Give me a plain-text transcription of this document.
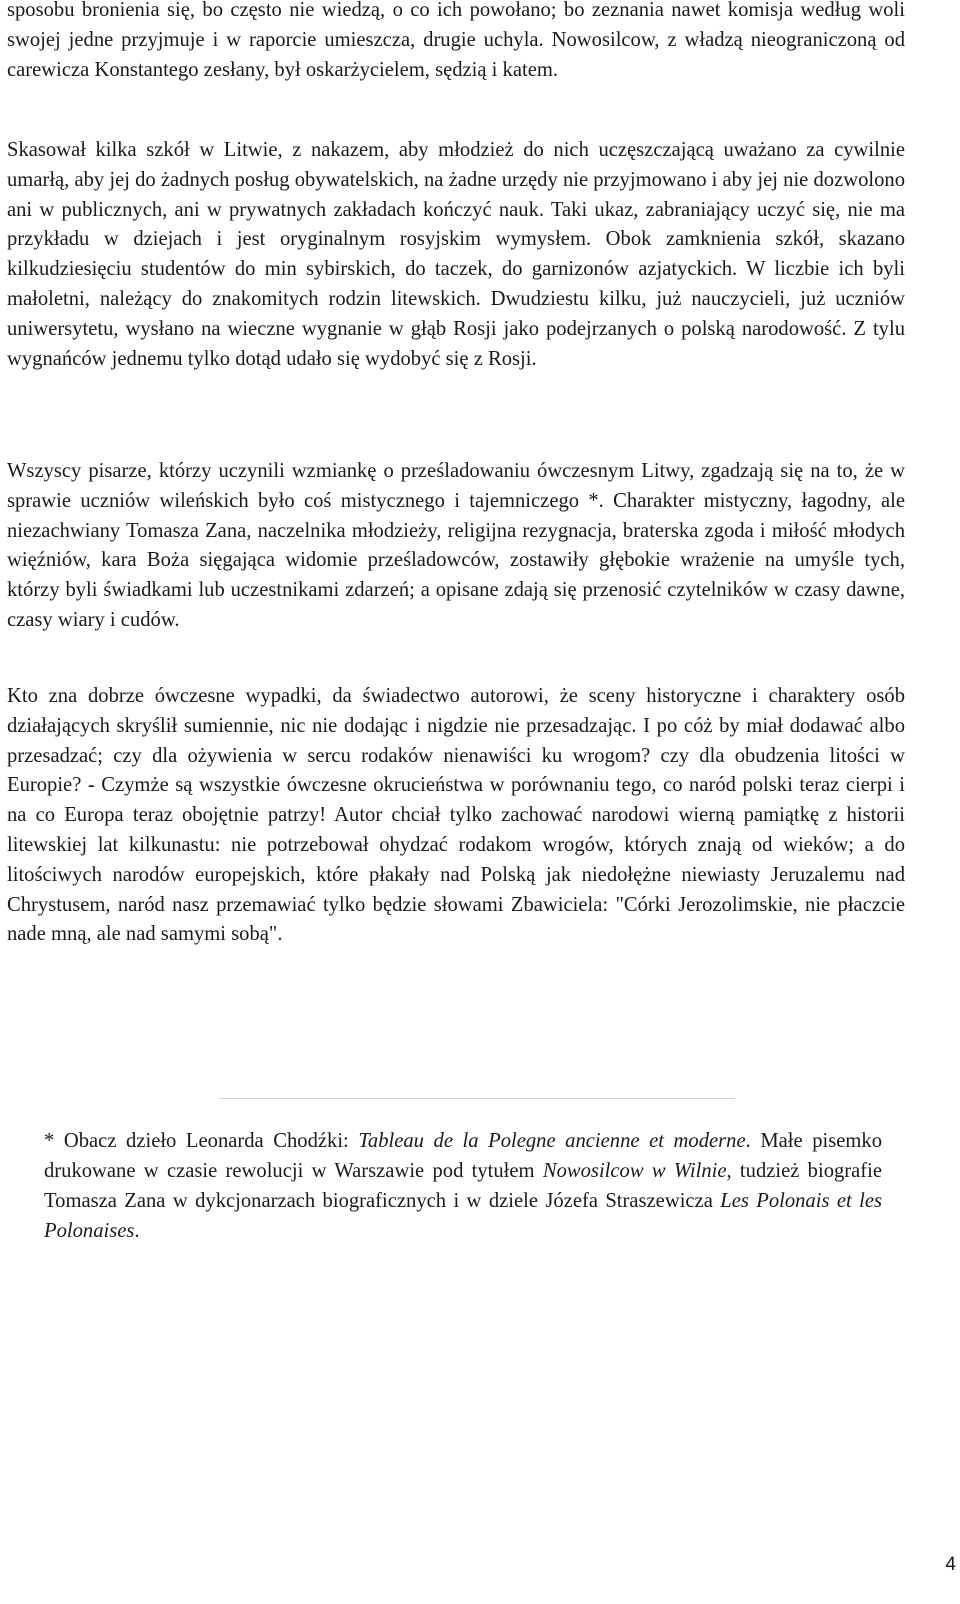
sposobu bronienia się, bo często nie wiedzą, o co ich powołano; bo zeznania nawet komisja według woli swojej jedne przyjmuje i w raporcie umieszcza, drugie uchyla. Nowosilcow, z władzą nieograniczoną od carewicza Konstantego zesłany, był oskarżycielem, sędzią i katem.

Skasował kilka szkół w Litwie, z nakazem, aby młodzież do nich uczęszczającą uważano za cywilnie umarłą, aby jej do żadnych posług obywatelskich, na żadne urzędy nie przyjmowano i aby jej nie dozwolono ani w publicznych, ani w prywatnych zakładach kończyć nauk. Taki ukaz, zabraniający uczyć się, nie ma przykładu w dziejach i jest oryginalnym rosyjskim wymysłem. Obok zamknienia szkół, skazano kilkudziesięciu studentów do min sybirskich, do taczek, do garnizonów azjatyckich. W liczbie ich byli małoletni, należący do znakomitych rodzin litewskich. Dwudziestu kilku, już nauczycieli, już uczniów uniwersytetu, wysłano na wieczne wygnanie w głąb Rosji jako podejrzanych o polską narodowość. Z tylu wygnańców jednemu tylko dotąd udało się wydobyć się z Rosji.

Wszyscy pisarze, którzy uczynili wzmiankę o prześladowaniu ówczesnym Litwy, zgadzają się na to, że w sprawie uczniów wileńskich było coś mistycznego i tajemniczego *. Charakter mistyczny, łagodny, ale niezachwiany Tomasza Zana, naczelnika młodzieży, religijna rezygnacja, braterska zgoda i miłość młodych więźniów, kara Boża sięgająca widomie prześladowców, zostawiły głębokie wrażenie na umyśle tych, którzy byli świadkami lub uczestnikami zdarzeń; a opisane zdają się przenosić czytelników w czasy dawne, czasy wiary i cudów.

Kto zna dobrze ówczesne wypadki, da świadectwo autorowi, że sceny historyczne i charaktery osób działających skryślił sumiennie, nic nie dodając i nigdzie nie przesadzając. I po cóż by miał dodawać albo przesadzać; czy dla ożywienia w sercu rodaków nienawiści ku wrogom? czy dla obudzenia litości w Europie? - Czymże są wszystkie ówczesne okrucieństwa w porównaniu tego, co naród polski teraz cierpi i na co Europa teraz obojętnie patrzy! Autor chciał tylko zachować narodowi wierną pamiątkę z historii litewskiej lat kilkunastu: nie potrzebował ohydzać rodakom wrogów, których znają od wieków; a do litościwych narodów europejskich, które płakały nad Polską jak niedołężne niewiasty Jeruzalemu nad Chrystusem, naród nasz przemawiać tylko będzie słowami Zbawiciela: "Córki Jerozolimskie, nie płaczcie nade mną, ale nad samymi sobą".

* Obacz dzieło Leonarda Chodźki: Tableau de la Polegne ancienne et moderne. Małe pisemko drukowane w czasie rewolucji w Warszawie pod tytułem Nowosilcow w Wilnie, tudzież biografie Tomasza Zana w dykcjonarzach biograficznych i w dziele Józefa Straszewicza Les Polonais et les Polonaises.

4
